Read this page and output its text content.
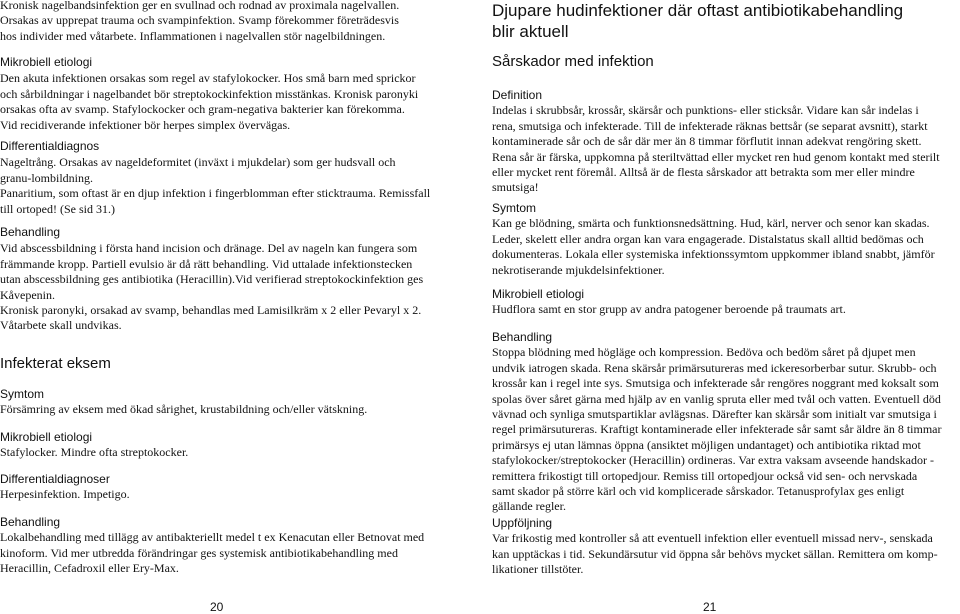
Kronisk nagelbandsinfektion ger en svullnad och rodnad av proximala nagelvallen.

Orsakas av upprepat trauma och svampinfektion. Svamp förekommer företrädesvis

hos individer med våtarbete. Inflammationen i nagelvallen stör nagelbildningen.

Mikrobiell etiologi

Den akuta infektionen orsakas som regel av stafylokocker. Hos små barn med sprickor

och sårbildningar i nagelbandet bör streptokockinfektion misstänkas. Kronisk paronyki

orsakas ofta av svamp. Stafylockocker och gram-negativa bakterier kan förekomma.

Vid recidiverande infektioner bör herpes simplex övervägas.

Differentialdiagnos

Nageltrång. Orsakas av nageldeformitet (inväxt i mjukdelar) som ger hudsvall och

granu-lombildning.

Panaritium, som oftast är en djup infektion i fingerblomman efter sticktrauma. Remissfall

till ortoped! (Se sid 31.)

Behandling

Vid abscessbildning i första hand incision och dränage. Del av nageln kan fungera som

främmande kropp. Partiell evulsio är då rätt behandling. Vid uttalade infektionstecken

utan abscessbildning ges antibiotika (Heracillin).Vid verifierad streptokockinfektion ges

Kåvepenin.

Kronisk paronyki, orsakad av svamp, behandlas med Lamisilkräm x 2 eller Pevaryl x 2.

Våtarbete skall undvikas.

Infekterat eksem
Symtom

Försämring av eksem med ökad sårighet, krustabildning och/eller vätskning.

Mikrobiell etiologi

Stafylocker. Mindre ofta streptokocker.

Differentialdiagnoser

Herpesinfektion. Impetigo.

Behandling

Lokalbehandling med tillägg av antibakteriellt medel t ex Kenacutan eller Betnovat med

kinoform. Vid mer utbredda förändringar ges systemisk antibiotikabehandling med

Heracillin, Cefadroxil eller Ery-Max.

20
Djupare hudinfektioner där oftast antibiotikabehandling
blir aktuell
Sårskador med infektion
Definition

Indelas i skrubbsår, krossår, skärsår och punktions- eller sticksår. Vidare kan sår indelas i

rena, smutsiga och infekterade. Till de infekterade räknas bettsår (se separat avsnitt), starkt

kontaminerade sår och de sår där mer än 8 timmar förflutit innan adekvat rengöring skett.

Rena sår är färska, uppkomna på steriltvättad eller mycket ren hud genom kontakt med sterilt

eller mycket rent föremål. Alltså är de flesta sårskador att betrakta som mer eller mindre

smutsiga!

Symtom

Kan ge blödning, smärta och funktionsnedsättning. Hud, kärl, nerver och senor kan skadas.

Leder, skelett eller andra organ kan vara engagerade. Distalstatus skall alltid bedömas och

dokumenteras. Lokala eller systemiska infektionssymtom uppkommer ibland snabbt, jämför

nekrotiserande mjukdelsinfektioner.

Mikrobiell etiologi

Hudflora samt en stor grupp av andra patogener beroende på traumats art.

Behandling

Stoppa blödning med högläge och kompression. Bedöva och bedöm såret på djupet men

undvik iatrogen skada. Rena skärsår primärsutureras med ickeresorberbar sutur. Skrubb- och

krossår kan i regel inte sys. Smutsiga och infekterade sår rengöres noggrant med koksalt som

spolas över såret gärna med hjälp av en vanlig spruta eller med tvål och vatten. Eventuell död

vävnad och synliga smutspartiklar avlägsnas. Därefter kan skärsår som initialt var smutsiga i

regel primärsutureras. Kraftigt kontaminerade eller infekterade sår samt sår äldre än 8 timmar

primärsys ej utan lämnas öppna (ansiktet möjligen undantaget) och antibiotika riktad mot

stafylokocker/streptokocker (Heracillin) ordineras. Var extra vaksam avseende handskador -

remittera frikostigt till ortopedjour. Remiss till ortopedjour också vid sen- och nervskada

samt skador på större kärl och vid komplicerade sårskador. Tetanusprofylax ges enligt

gällande regler.

Uppföljning

Var frikostig med kontroller så att eventuell infektion eller eventuell missad nerv-, senskada

kan upptäckas i tid. Sekundärsutur vid öppna sår behövs mycket sällan. Remittera om komp-

likationer tillstöter.

21
